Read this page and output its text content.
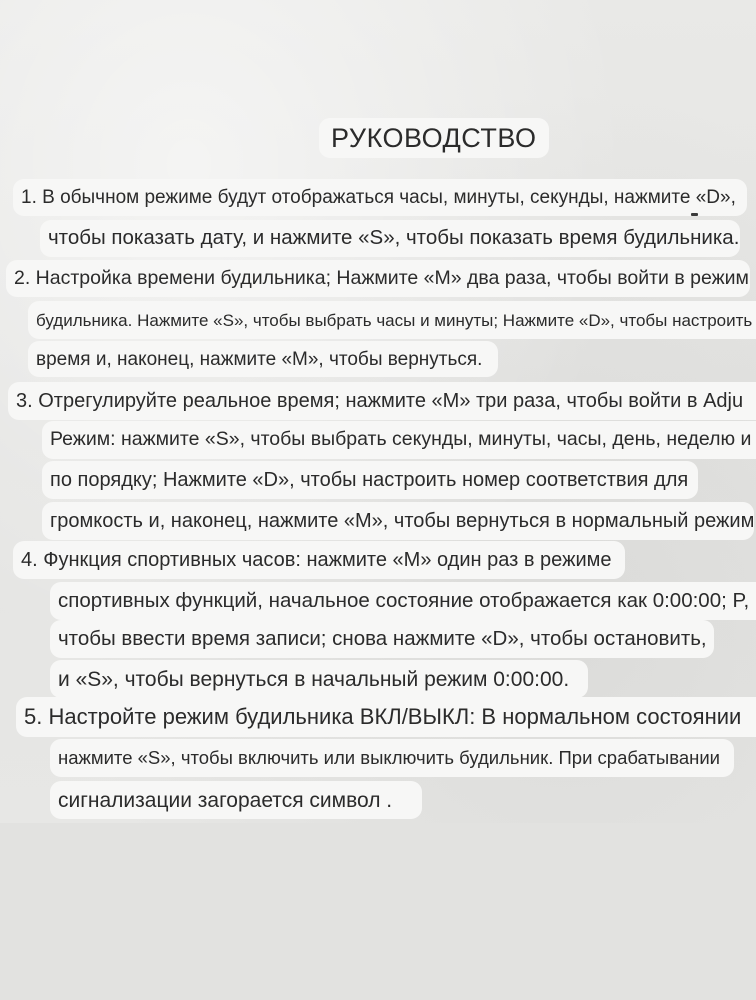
РУКОВОДСТВО
1. В обычном режиме будут отображаться часы, минуты, секунды, нажмите «D»,
чтобы показать дату, и нажмите «S», чтобы показать время будильника.
2. Настройка времени будильника; Нажмите «M» два раза, чтобы войти в режим
будильника. Нажмите «S», чтобы выбрать часы и минуты; Нажмите «D», чтобы настроить
время и, наконец, нажмите «M», чтобы вернуться.
3. Отрегулируйте реальное время; нажмите «M» три раза, чтобы войти в Adju
Режим: нажмите «S», чтобы выбрать секунды, минуты, часы, день, неделю и
по порядку; Нажмите «D», чтобы настроить номер соответствия для
громкость и, наконец, нажмите «M», чтобы вернуться в нормальный режим
4. Функция спортивных часов: нажмите «M» один раз в режиме
спортивных функций, начальное состояние отображается как 0:00:00; P,
чтобы ввести время записи; снова нажмите «D», чтобы остановить,
и «S», чтобы вернуться в начальный режим 0:00:00.
5. Настройте режим будильника ВКЛ/ВЫКЛ: В нормальном состоянии
нажмите «S», чтобы включить или выключить будильник. При срабатывании
сигнализации загорается символ .
